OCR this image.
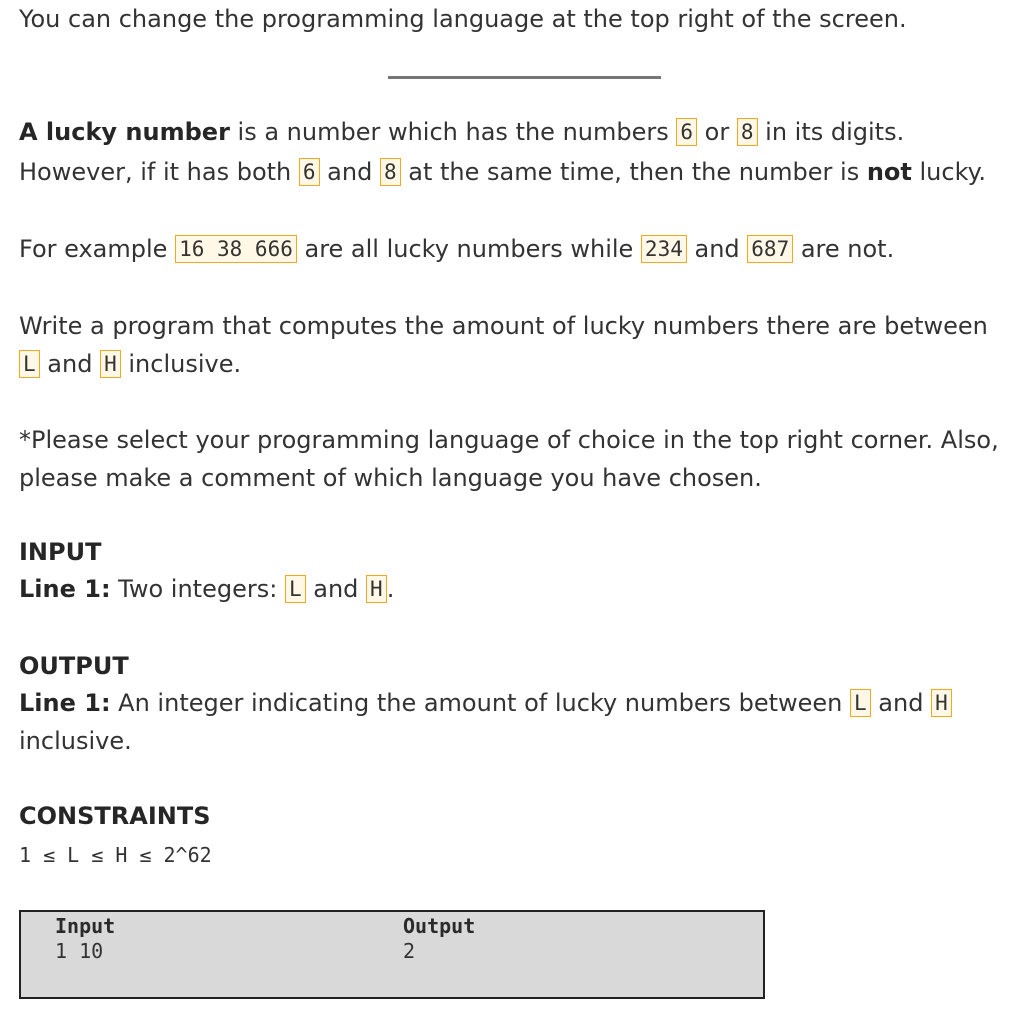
You can change the programming language at the top right of the screen.
A lucky number is a number which has the numbers 6 or 8 in its digits.
However, if it has both 6 and 8 at the same time, then the number is not lucky.
For example 16 38 666 are all lucky numbers while 234 and 687 are not.
Write a program that computes the amount of lucky numbers there are between
L and H inclusive.
*Please select your programming language of choice in the top right corner. Also,
please make a comment of which language you have chosen.
INPUT
Line 1: Two integers: L and H .
OUTPUT
Line 1: An integer indicating the amount of lucky numbers between L and H
inclusive.
CONSTRAINTS
1 ≤ L ≤ H ≤ 2^62
Input
1 10
Output
2
